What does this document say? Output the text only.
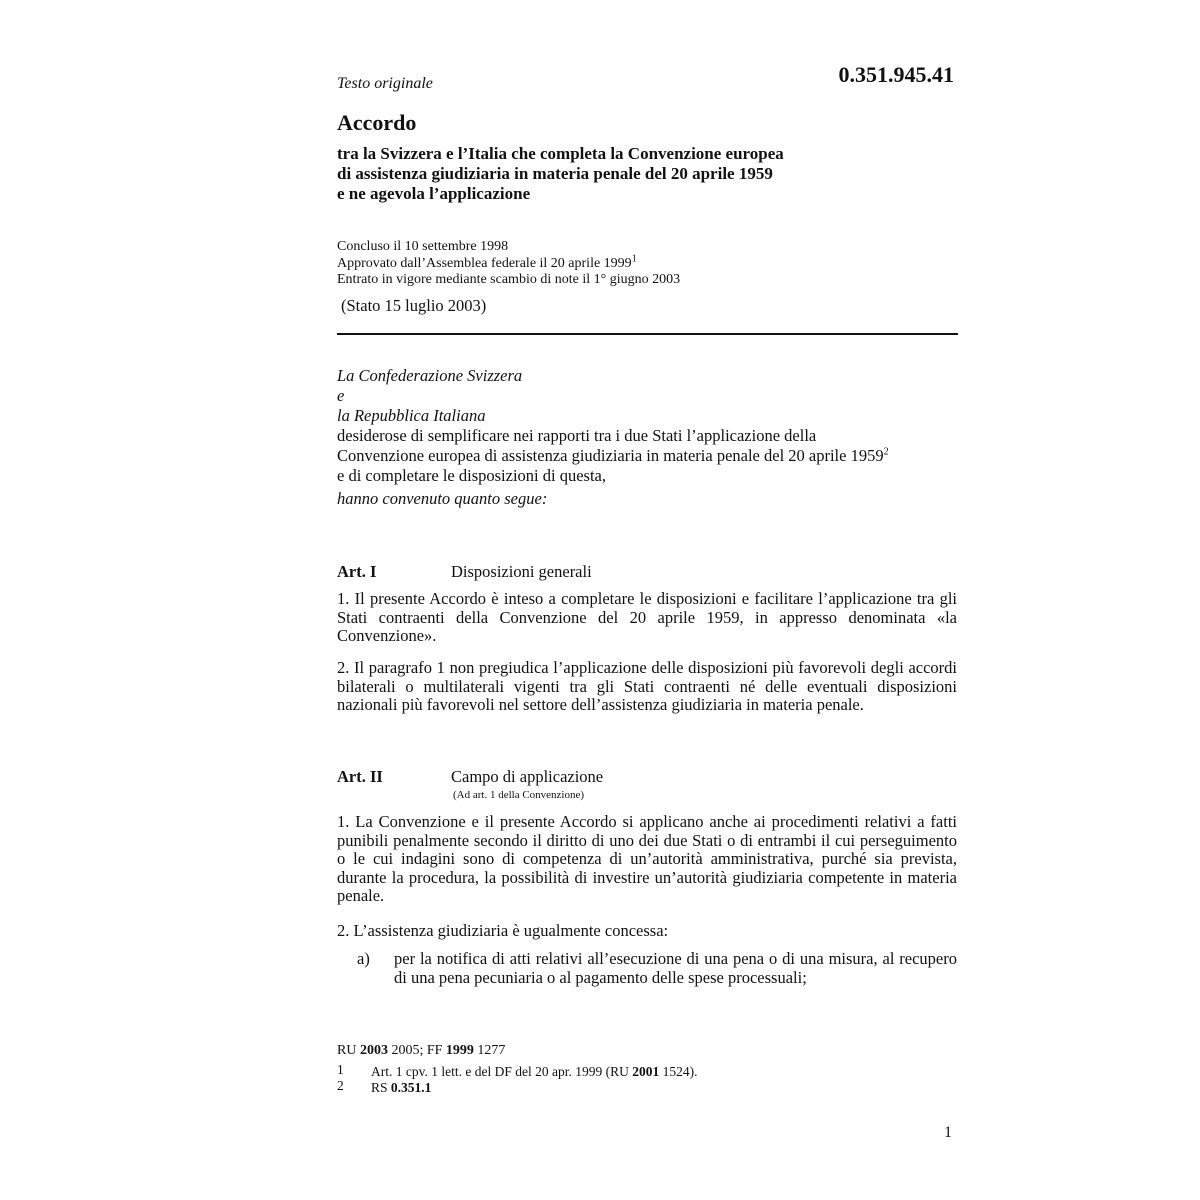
Testo originale	0.351.945.41
Accordo
tra la Svizzera e l’Italia che completa la Convenzione europea
di assistenza giudiziaria in materia penale del 20 aprile 1959
e ne agevola l’applicazione
Concluso il 10 settembre 1998
Approvato dall’Assemblea federale il 20 aprile 1999$^1$
Entrato in vigore mediante scambio di note il 1° giugno 2003
(Stato 15 luglio 2003)
La Confederazione Svizzera
e
la Repubblica Italiana
desiderose di semplificare nei rapporti tra i due Stati l’applicazione della
Convenzione europea di assistenza giudiziaria in materia penale del 20 aprile 1959$^2$
e di completare le disposizioni di questa,
hanno convenuto quanto segue:
Art. I	Disposizioni generali
1. Il presente Accordo è inteso a completare le disposizioni e facilitare l’applicazione tra gli Stati contraenti della Convenzione del 20 aprile 1959, in appresso denominata «la Convenzione».
2. Il paragrafo 1 non pregiudica l’applicazione delle disposizioni più favorevoli degli accordi bilaterali o multilaterali vigenti tra gli Stati contraenti né delle eventuali disposizioni nazionali più favorevoli nel settore dell’assistenza giudiziaria in materia penale.
Art. II	Campo di applicazione
(Ad art. 1 della Convenzione)
1. La Convenzione e il presente Accordo si applicano anche ai procedimenti relativi a fatti punibili penalmente secondo il diritto di uno dei due Stati o di entrambi il cui perseguimento o le cui indagini sono di competenza di un’autorità amministrativa, purché sia prevista, durante la procedura, la possibilità di investire un’autorità giudiziaria competente in materia penale.
2. L’assistenza giudiziaria è ugualmente concessa:
a) per la notifica di atti relativi all’esecuzione di una pena o di una misura, al recupero di una pena pecuniaria o al pagamento delle spese processuali;
RU 2003 2005; FF 1999 1277
1 Art. 1 cpv. 1 lett. e del DF del 20 apr. 1999 (RU 2001 1524).
2 RS 0.351.1
1
